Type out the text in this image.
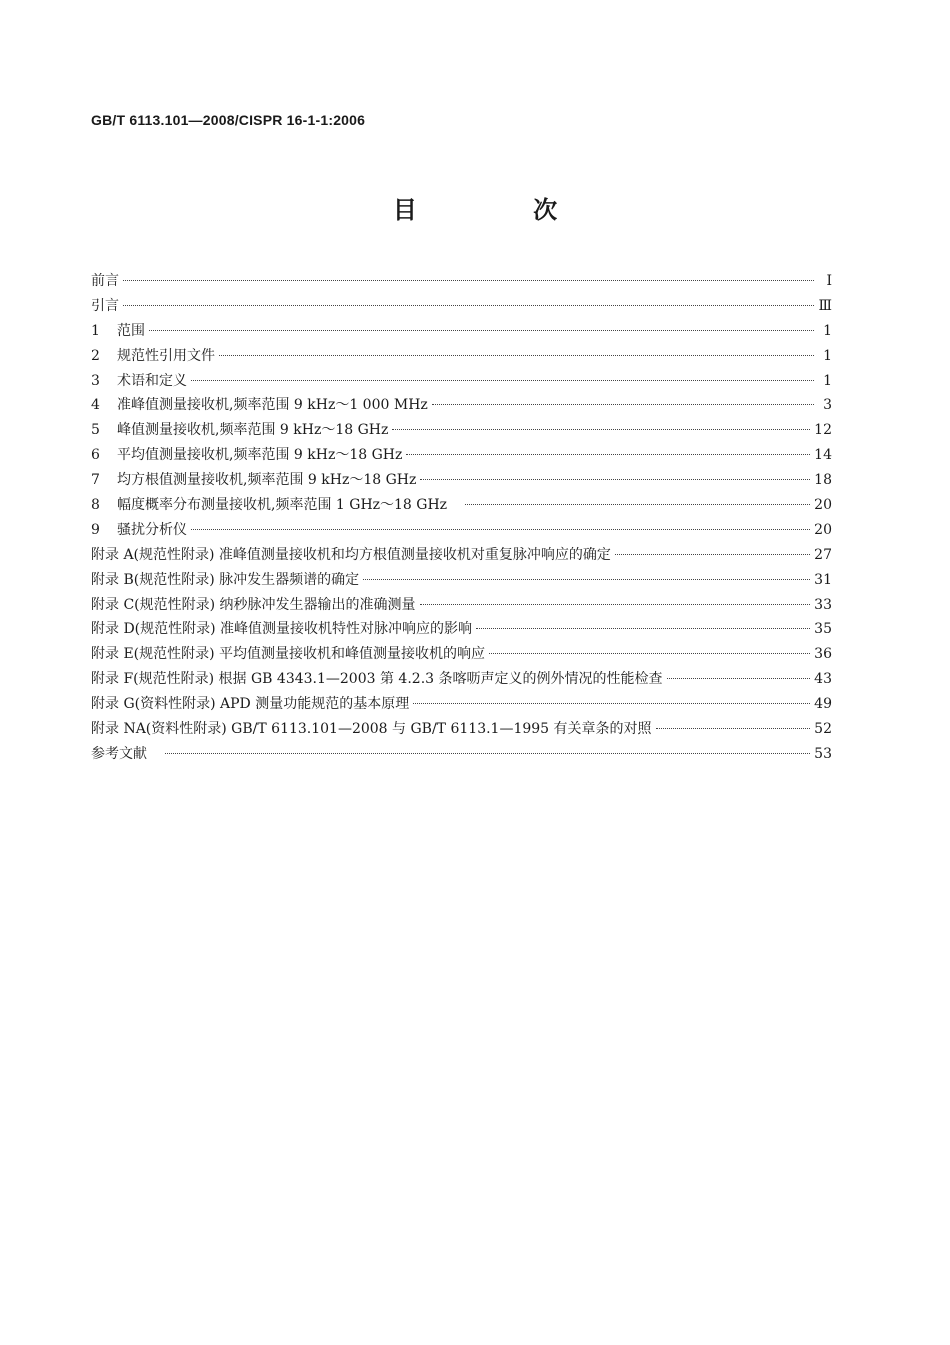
GB/T 6113.101—2008/CISPR 16-1-1:2006
目 次
前言	Ⅰ
引言	Ⅲ
1	范围	1
2	规范性引用文件	1
3	术语和定义	1
4	准峰值测量接收机,频率范围 9 kHz～1 000 MHz	3
5	峰值测量接收机,频率范围 9 kHz～18 GHz	12
6	平均值测量接收机,频率范围 9 kHz～18 GHz	14
7	均方根值测量接收机,频率范围 9 kHz～18 GHz	18
8	幅度概率分布测量接收机,频率范围 1 GHz～18 GHz	20
9	骚扰分析仪	20
附录 A(规范性附录) 准峰值测量接收机和均方根值测量接收机对重复脉冲响应的确定	27
附录 B(规范性附录) 脉冲发生器频谱的确定	31
附录 C(规范性附录) 纳秒脉冲发生器输出的准确测量	33
附录 D(规范性附录) 准峰值测量接收机特性对脉冲响应的影响	35
附录 E(规范性附录) 平均值测量接收机和峰值测量接收机的响应	36
附录 F(规范性附录) 根据 GB 4343.1—2003 第 4.2.3 条喀呖声定义的例外情况的性能检查	43
附录 G(资料性附录) APD 测量功能规范的基本原理	49
附录 NA(资料性附录) GB/T 6113.101—2008 与 GB/T 6113.1—1995 有关章条的对照	52
参考文献	53
